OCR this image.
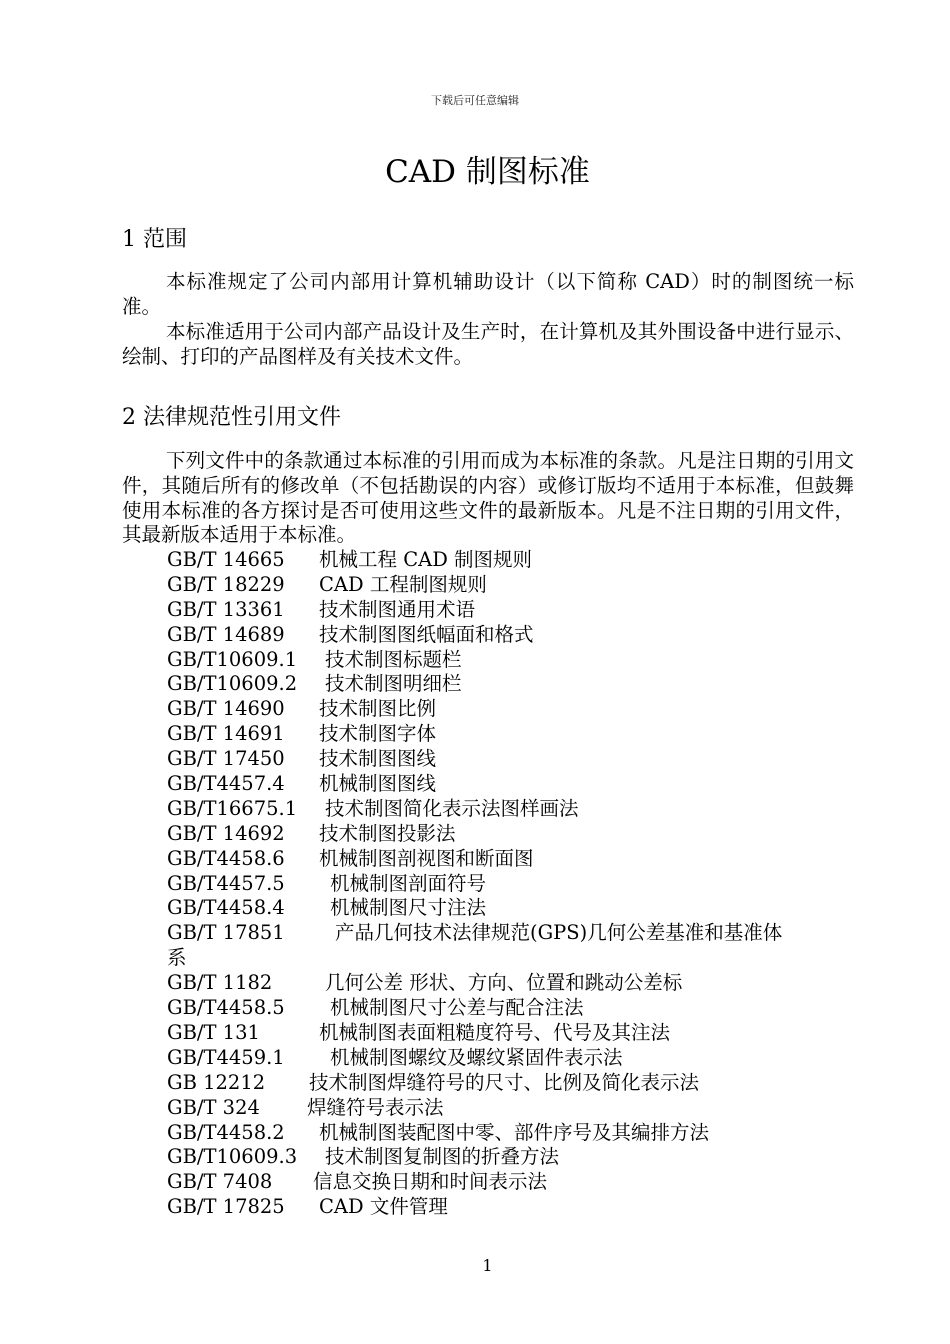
下载后可任意编辑
CAD 制图标准
1 范围

本标准规定了公司内部用计算机辅助设计（以下简称 CAD）时的制图统一标准。

本标准适用于公司内部产品设计及生产时，在计算机及其外围设备中进行显示、绘制、打印的产品图样及有关技术文件。

2 法律规范性引用文件

下列文件中的条款通过本标准的引用而成为本标准的条款。凡是注日期的引用文件，其随后所有的修改单（不包括勘误的内容）或修订版均不适用于本标准，但鼓舞使用本标准的各方探讨是否可使用这些文件的最新版本。凡是不注日期的引用文件，其最新版本适用于本标准。

GB/T 14665 机械工程 CAD 制图规则
GB/T 18229 CAD 工程制图规则
GB/T 13361 技术制图通用术语
GB/T 14689 技术制图图纸幅面和格式
GB/T10609.1 技术制图标题栏
GB/T10609.2 技术制图明细栏
GB/T 14690 技术制图比例
GB/T 14691 技术制图字体
GB/T 17450 技术制图图线
GB/T4457.4 机械制图图线
GB/T16675.1 技术制图简化表示法图样画法
GB/T 14692 技术制图投影法
GB/T4458.6 机械制图剖视图和断面图
GB/T4457.5 机械制图剖面符号
GB/T4458.4 机械制图尺寸注法
GB/T 17851	产品几何技术法律规范(GPS)几何公差基准和基准体
系
GB/T 1182	几何公差 形状、方向、位置和跳动公差标
GB/T4458.5 机械制图尺寸公差与配合注法
GB/T 131	机械制图表面粗糙度符号、代号及其注法
GB/T4459.1 机械制图螺纹及螺纹紧固件表示法
GB 12212 技术制图焊缝符号的尺寸、比例及简化表示法
GB/T 324 焊缝符号表示法
GB/T4458.2 机械制图装配图中零、部件序号及其编排方法
GB/T10609.3 技术制图复制图的折叠方法
GB/T 7408 信息交换日期和时间表示法
GB/T 17825 CAD 文件管理
1
